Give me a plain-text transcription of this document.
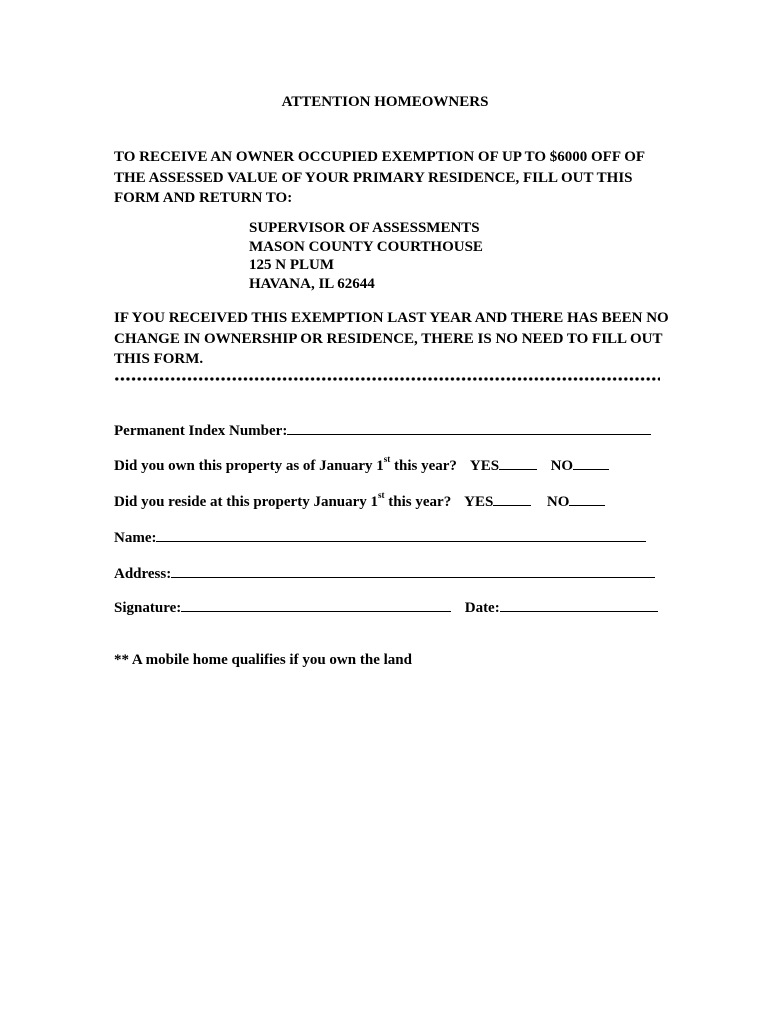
ATTENTION HOMEOWNERS
TO RECEIVE AN OWNER OCCUPIED EXEMPTION OF UP TO $6000 OFF OF THE ASSESSED VALUE OF YOUR PRIMARY RESIDENCE, FILL OUT THIS FORM AND RETURN TO:
SUPERVISOR OF ASSESSMENTS
MASON COUNTY COURTHOUSE
125 N PLUM
HAVANA, IL 62644
IF YOU RECEIVED THIS EXEMPTION LAST YEAR AND THERE HAS BEEN NO CHANGE IN OWNERSHIP OR RESIDENCE, THERE IS NO NEED TO FILL OUT THIS FORM.
Permanent Index Number:
Did you own this property as of January 1st this year? YES	NO
Did you reside at this property January 1st this year? YES	NO
Name:
Address:
Signature:	Date:
** A mobile home qualifies if you own the land
